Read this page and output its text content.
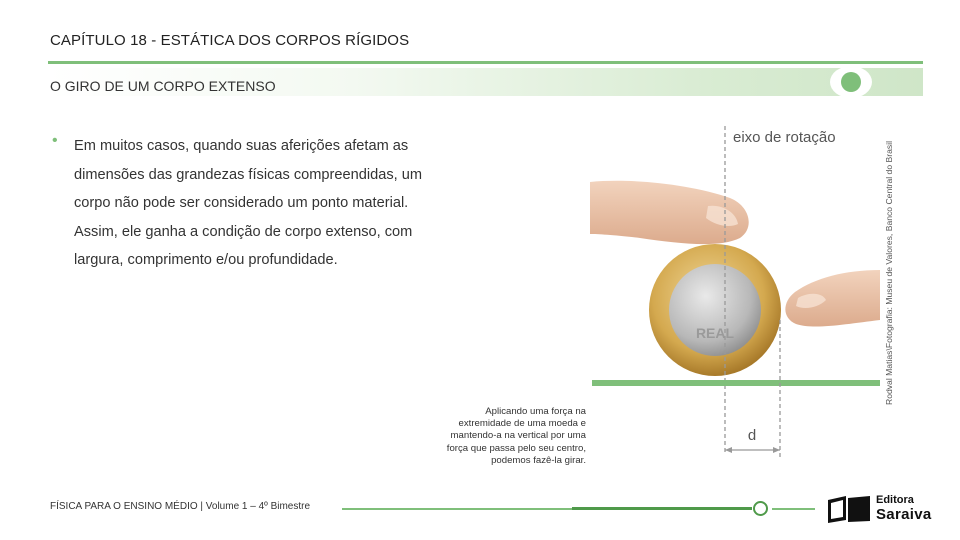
CAPÍTULO 18 - ESTÁTICA DOS CORPOS RÍGIDOS
O GIRO DE UM CORPO EXTENSO
• Em muitos casos, quando suas aferições afetam as
dimensões das grandezas físicas compreendidas, um
corpo não pode ser considerado um ponto material.
Assim, ele ganha a condição de corpo extenso, com
largura, comprimento e/ou profundidade.
REAL
d
eixo de rotação
Aplicando uma força na
extremidade de uma moeda e
mantendo-a na vertical por uma
força que passa pelo seu centro,
podemos fazê-la girar.
Rodval Matias\Fotografia: Museu de Valores, Banco Central do Brasil
FÍSICA PARA O ENSINO MÉDIO | Volume 1 – 4º Bimestre
Editora
Saraiva
